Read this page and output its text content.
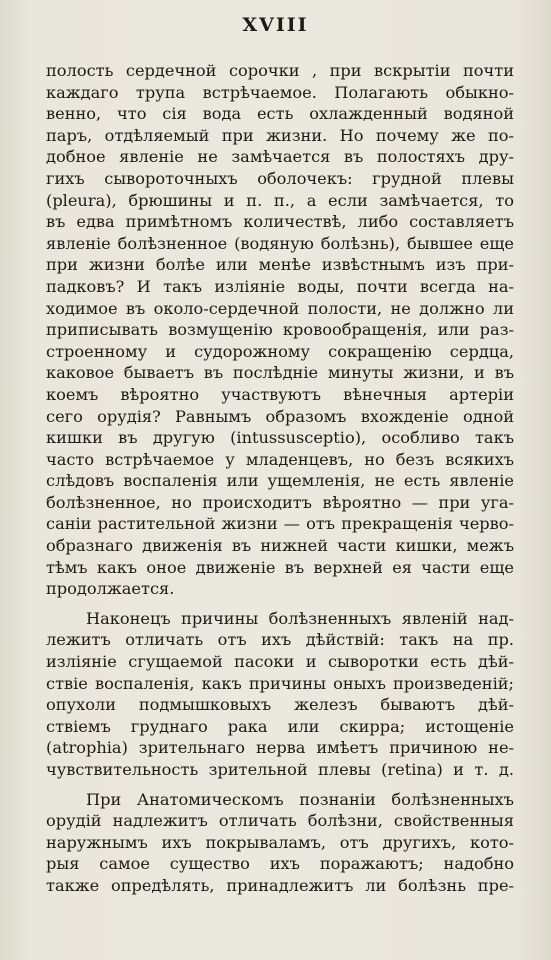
XVIII
полость сердечной сорочки , при вскрытіи почти
каждаго трупа встрѣчаемое. Полагають обыкно-
венно, что сія вода есть охлажденный водяной
паръ, отдѣляемый при жизни. Но почему же по-
добное явленіе не замѣчается въ полостяхъ дру-
гихъ сывороточныхъ оболочекъ: грудной плевы
(pleura), брюшины и п. п., а если замѣчается, то
въ едва примѣтномъ количествѣ, либо составляетъ
явленіе болѣзненное (водяную болѣзнь), бывшее еще
при жизни болѣе или менѣе извѣстнымъ изъ при-
падковъ? И такъ изліяніе воды, почти всегда на-
ходимое въ около-сердечной полости, не должно ли
приписывать возмущенію кровообращенія, или раз-
строенному и судорожному сокращенію сердца,
каковое бываетъ въ послѣдніе минуты жизни, и въ
коемъ вѣроятно участвуютъ вѣнечныя артеріи
сего орудія? Равнымъ образомъ вхожденіе одной
кишки въ другую (intussusceptio), особливо такъ
часто встрѣчаемое у младенцевъ, но безъ всякихъ
слѣдовъ воспаленія или ущемленія, не есть явленіе
болѣзненное, но происходитъ вѣроятно — при уга-
саніи растительной жизни — отъ прекращенія черво-
образнаго движенія въ нижней части кишки, межъ
тѣмъ какъ оное движеніе въ верхней ея части еще
продолжается.
Наконецъ причины болѣзненныхъ явленій над-
лежитъ отличать отъ ихъ дѣйствій: такъ на пр.
изліяніе сгущаемой пасоки и сыворотки есть дѣй-
ствіе воспаленія, какъ причины оныхъ произведеній;
опухоли подмышковыхъ железъ бываютъ дѣй-
ствіемъ груднаго рака или скирра; истощеніе
(atrophia) зрительнаго нерва имѣетъ причиною не-
чувствительность зрительной плевы (retina) и т. д.
При Анатомическомъ познаніи болѣзненныхъ
орудій надлежитъ отличать болѣзни, свойственныя
наружнымъ ихъ покрываламъ, отъ другихъ, кото-
рыя самое существо ихъ поражаютъ; надобно
также опредѣлять, принадлежитъ ли болѣзнь пре-
